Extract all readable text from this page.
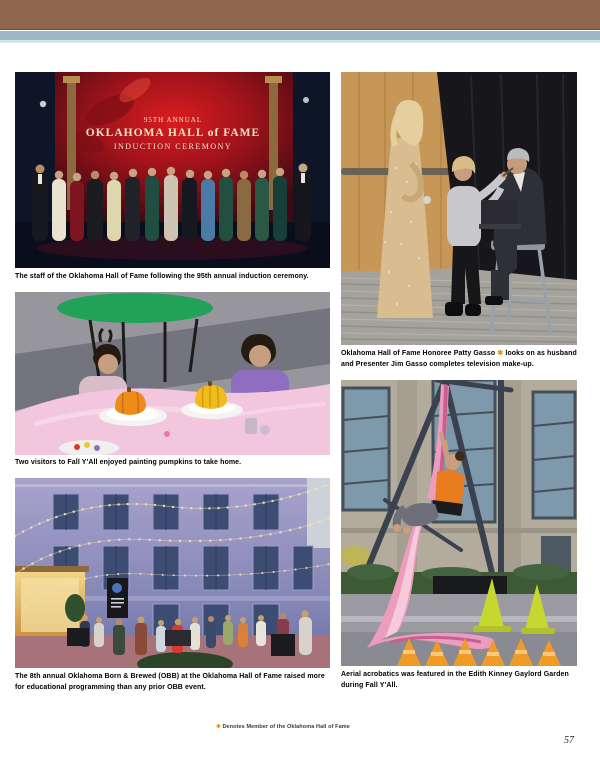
95TH ANNUAL
OKLAHOMA HALL of FAME
INDUCTION CEREMONY
The staff of the Oklahoma Hall of Fame following the 95th annual induction ceremony.
Two visitors to Fall Y'All enjoyed painting pumpkins to take home.
The 8th annual Oklahoma Born & Brewed (OBB) at the Oklahoma Hall of Fame raised more for educational programming than any prior OBB event.
Oklahoma Hall of Fame Honoree Patty Gasso ✱ looks on as husband and Presenter Jim Gasso completes television make-up.
Aerial acrobatics was featured in the Edith Kinney Gaylord Garden during Fall Y'All.
✱ Denotes Member of the Oklahoma Hall of Fame
57
